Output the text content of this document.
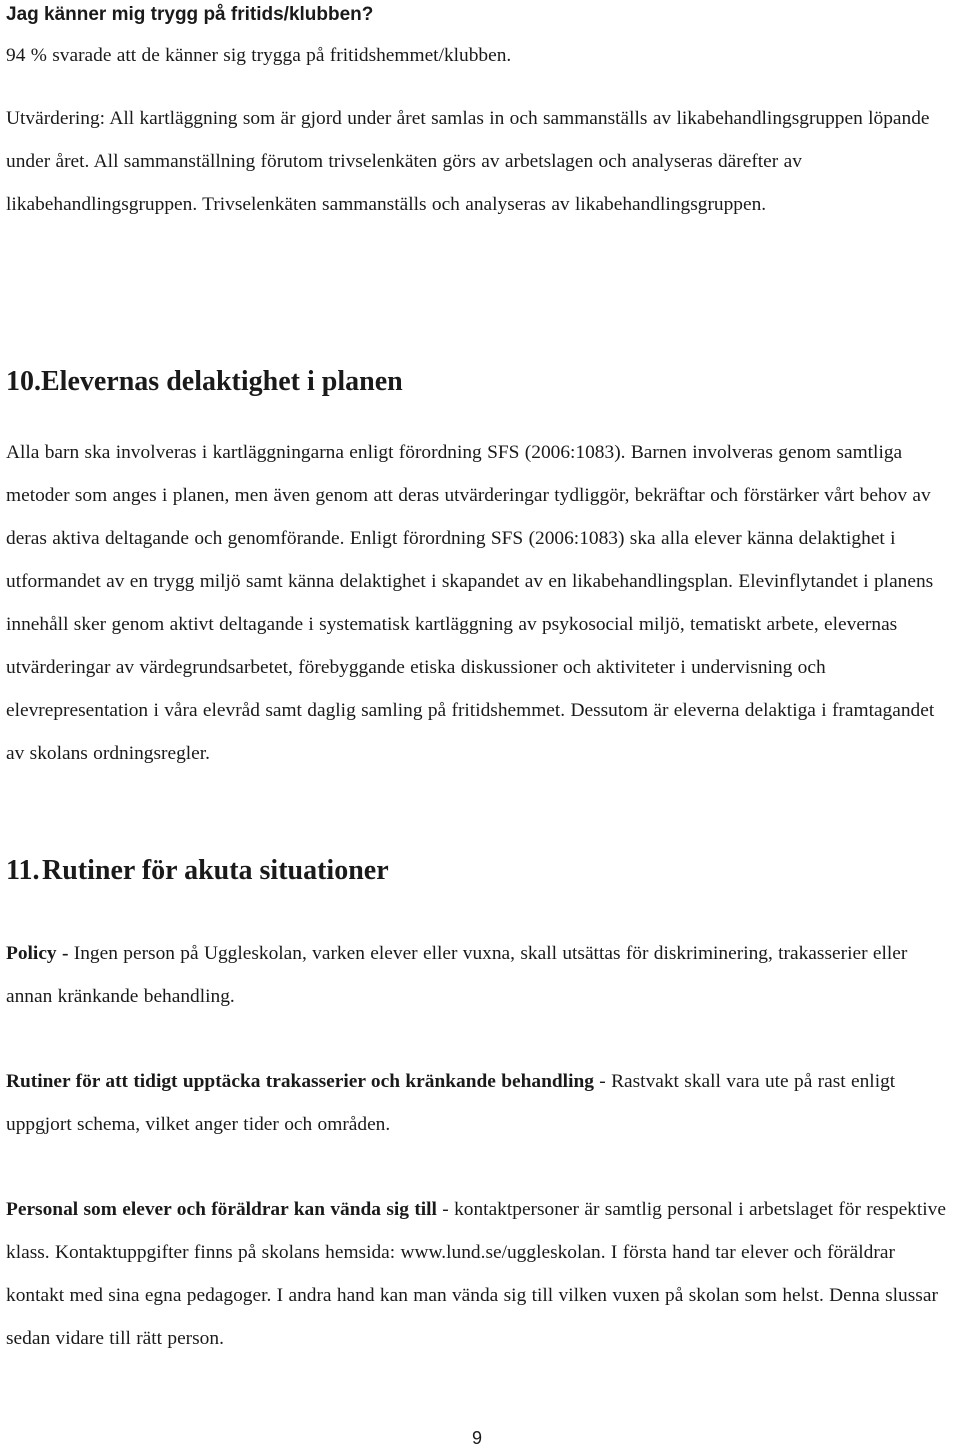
Jag känner mig trygg på fritids/klubben?

94 % svarade att de känner sig trygga på fritidshemmet/klubben.

Utvärdering: All kartläggning som är gjord under året samlas in och sammanställs av likabehandlingsgruppen löpande under året. All sammanställning förutom trivselenkäten görs av arbetslagen och analyseras därefter av likabehandlingsgruppen. Trivselenkäten sammanställs och analyseras av likabehandlingsgruppen.

10. Elevernas delaktighet i planen

Alla barn ska involveras i kartläggningarna enligt förordning SFS (2006:1083). Barnen involveras genom samtliga metoder som anges i planen, men även genom att deras utvärderingar tydliggör, bekräftar och förstärker vårt behov av deras aktiva deltagande och genomförande. Enligt förordning SFS (2006:1083) ska alla elever känna delaktighet i utformandet av en trygg miljö samt känna delaktighet i skapandet av en likabehandlingsplan. Elevinflytandet i planens innehåll sker genom aktivt deltagande i systematisk kartläggning av psykosocial miljö, tematiskt arbete, elevernas utvärderingar av värdegrundsarbetet, förebyggande etiska diskussioner och aktiviteter i undervisning och elevrepresentation i våra elevråd samt daglig samling på fritidshemmet. Dessutom är eleverna delaktiga i framtagandet av skolans ordningsregler.

11. Rutiner för akuta situationer

Policy - Ingen person på Uggleskolan, varken elever eller vuxna, skall utsättas för diskriminering, trakasserier eller annan kränkande behandling.

Rutiner för att tidigt upptäcka trakasserier och kränkande behandling - Rastvakt skall vara ute på rast enligt uppgjort schema, vilket anger tider och områden.

Personal som elever och föräldrar kan vända sig till - kontaktpersoner är samtlig personal i arbetslaget för respektive klass. Kontaktuppgifter finns på skolans hemsida: www.lund.se/uggleskolan. I första hand tar elever och föräldrar kontakt med sina egna pedagoger. I andra hand kan man vända sig till vilken vuxen på skolan som helst. Denna slussar sedan vidare till rätt person.

9
